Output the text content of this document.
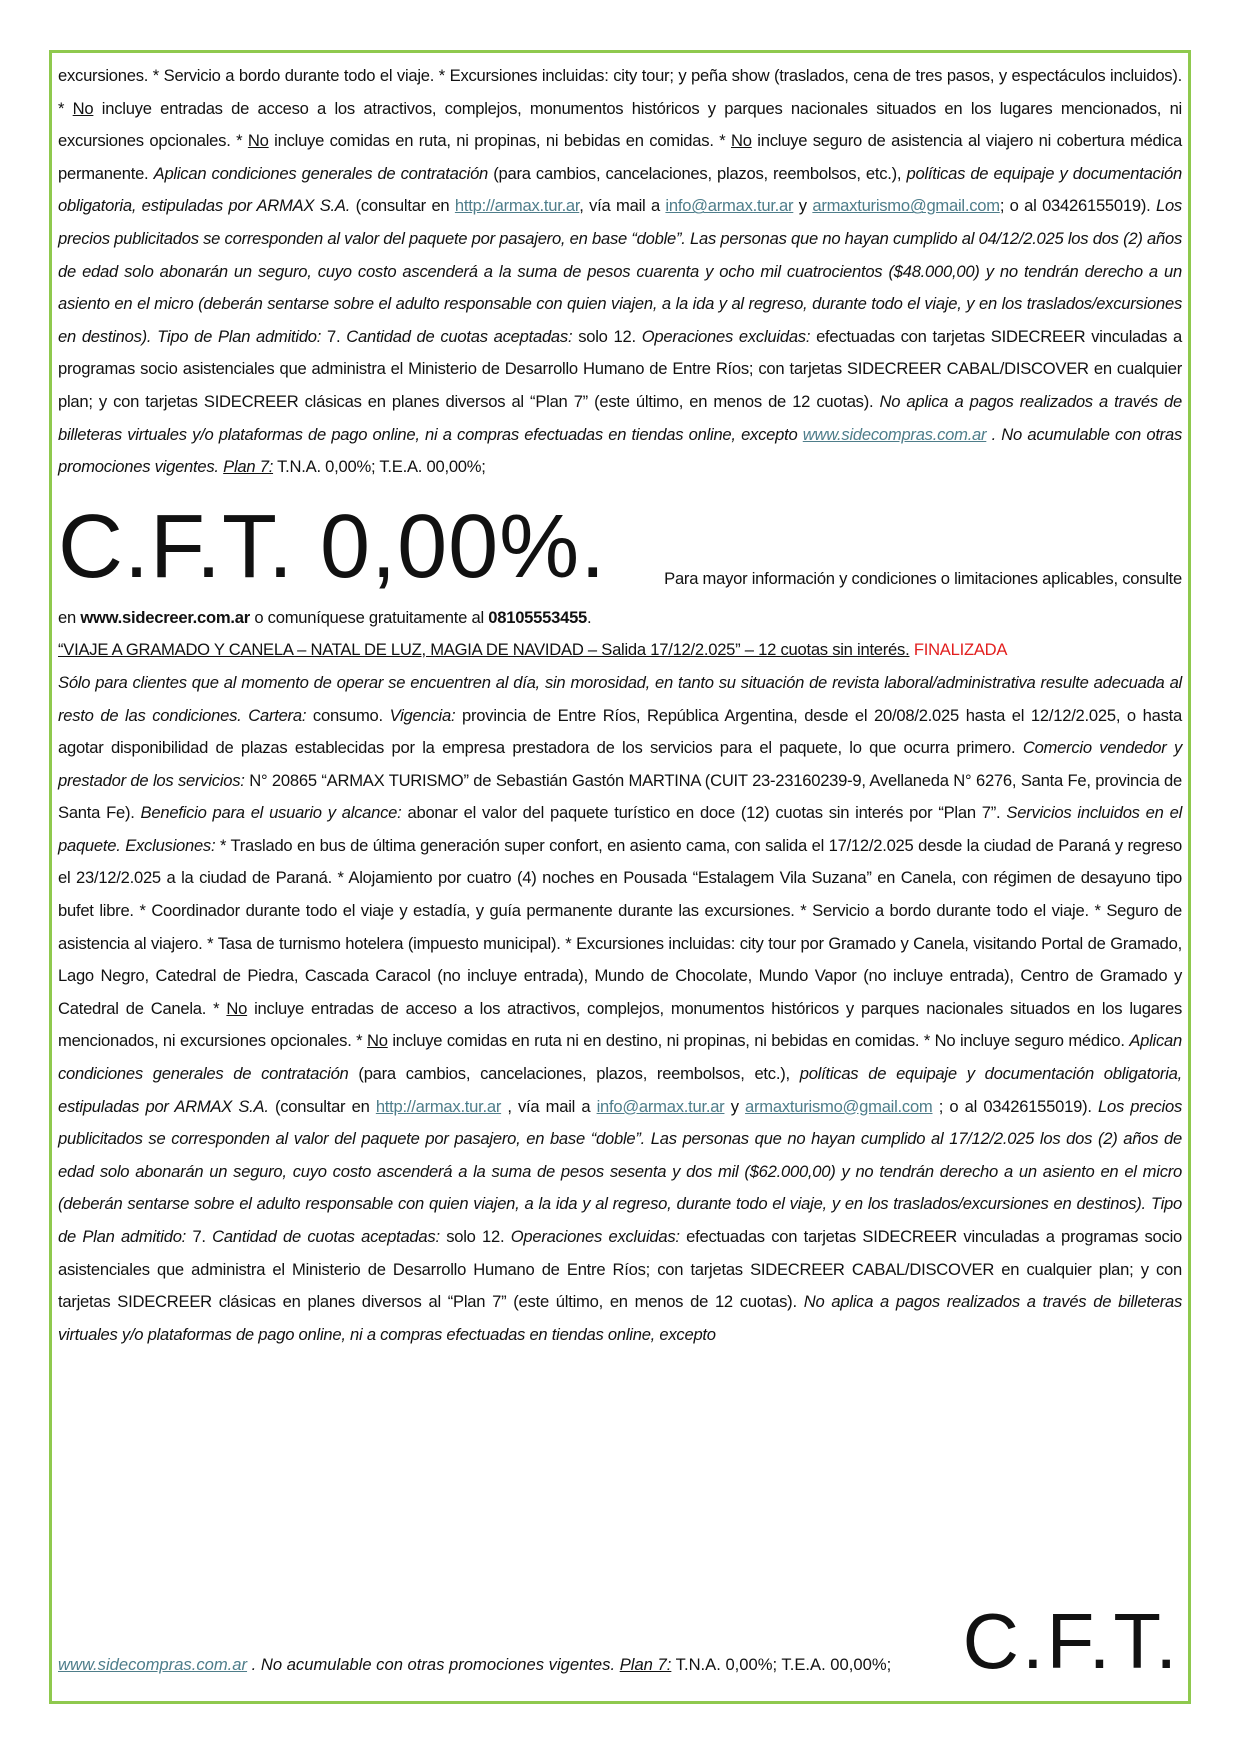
excursiones. * Servicio a bordo durante todo el viaje. * Excursiones incluidas: city tour; y peña show (traslados, cena de tres pasos, y espectáculos incluidos). * No incluye entradas de acceso a los atractivos, complejos, monumentos históricos y parques nacionales situados en los lugares mencionados, ni excursiones opcionales. * No incluye comidas en ruta, ni propinas, ni bebidas en comidas. * No incluye seguro de asistencia al viajero ni cobertura médica permanente. Aplican condiciones generales de contratación (para cambios, cancelaciones, plazos, reembolsos, etc.), políticas de equipaje y documentación obligatoria, estipuladas por ARMAX S.A. (consultar en http://armax.tur.ar, vía mail a info@armax.tur.ar y armaxturismo@gmail.com; o al 03426155019). Los precios publicitados se corresponden al valor del paquete por pasajero, en base “doble”. Las personas que no hayan cumplido al 04/12/2.025 los dos (2) años de edad solo abonarán un seguro, cuyo costo ascenderá a la suma de pesos cuarenta y ocho mil cuatrocientos ($48.000,00) y no tendrán derecho a un asiento en el micro (deberán sentarse sobre el adulto responsable con quien viajen, a la ida y al regreso, durante todo el viaje, y en los traslados/excursiones en destinos). Tipo de Plan admitido: 7. Cantidad de cuotas aceptadas: solo 12. Operaciones excluidas: efectuadas con tarjetas SIDECREER vinculadas a programas socio asistenciales que administra el Ministerio de Desarrollo Humano de Entre Ríos; con tarjetas SIDECREER CABAL/DISCOVER en cualquier plan; y con tarjetas SIDECREER clásicas en planes diversos al “Plan 7” (este último, en menos de 12 cuotas). No aplica a pagos realizados a través de billeteras virtuales y/o plataformas de pago online, ni a compras efectuadas en tiendas online, excepto www.sidecompras.com.ar . No acumulable con otras promociones vigentes. Plan 7: T.N.A. 0,00%; T.E.A. 00,00%;

C.F.T. 0,00%.	Para mayor información y condiciones o limitaciones aplicables, consulte

en www.sidecreer.com.ar o comuníquese gratuitamente al 08105553455.

“VIAJE A GRAMADO Y CANELA – NATAL DE LUZ, MAGIA DE NAVIDAD – Salida 17/12/2.025” – 12 cuotas sin interés. FINALIZADA

Sólo para clientes que al momento de operar se encuentren al día, sin morosidad, en tanto su situación de revista laboral/administrativa resulte adecuada al resto de las condiciones. Cartera: consumo. Vigencia: provincia de Entre Ríos, República Argentina, desde el 20/08/2.025 hasta el 12/12/2.025, o hasta agotar disponibilidad de plazas establecidas por la empresa prestadora de los servicios para el paquete, lo que ocurra primero. Comercio vendedor y prestador de los servicios: N° 20865 “ARMAX TURISMO” de Sebastián Gastón MARTINA (CUIT 23-23160239-9, Avellaneda N° 6276, Santa Fe, provincia de Santa Fe). Beneficio para el usuario y alcance: abonar el valor del paquete turístico en doce (12) cuotas sin interés por “Plan 7”. Servicios incluidos en el paquete. Exclusiones: * Traslado en bus de última generación super confort, en asiento cama, con salida el 17/12/2.025 desde la ciudad de Paraná y regreso el 23/12/2.025 a la ciudad de Paraná. * Alojamiento por cuatro (4) noches en Pousada “Estalagem Vila Suzana” en Canela, con régimen de desayuno tipo bufet libre. * Coordinador durante todo el viaje y estadía, y guía permanente durante las excursiones. * Servicio a bordo durante todo el viaje. * Seguro de asistencia al viajero. * Tasa de turnismo hotelera (impuesto municipal). * Excursiones incluidas: city tour por Gramado y Canela, visitando Portal de Gramado, Lago Negro, Catedral de Piedra, Cascada Caracol (no incluye entrada), Mundo de Chocolate, Mundo Vapor (no incluye entrada), Centro de Gramado y Catedral de Canela. * No incluye entradas de acceso a los atractivos, complejos, monumentos históricos y parques nacionales situados en los lugares mencionados, ni excursiones opcionales. * No incluye comidas en ruta ni en destino, ni propinas, ni bebidas en comidas. * No incluye seguro médico. Aplican condiciones generales de contratación (para cambios, cancelaciones, plazos, reembolsos, etc.), políticas de equipaje y documentación obligatoria, estipuladas por ARMAX S.A. (consultar en http://armax.tur.ar , vía mail a info@armax.tur.ar y armaxturismo@gmail.com ; o al 03426155019). Los precios publicitados se corresponden al valor del paquete por pasajero, en base “doble”. Las personas que no hayan cumplido al 17/12/2.025 los dos (2) años de edad solo abonarán un seguro, cuyo costo ascenderá a la suma de pesos sesenta y dos mil ($62.000,00) y no tendrán derecho a un asiento en el micro (deberán sentarse sobre el adulto responsable con quien viajen, a la ida y al regreso, durante todo el viaje, y en los traslados/excursiones en destinos). Tipo de Plan admitido: 7. Cantidad de cuotas aceptadas: solo 12. Operaciones excluidas: efectuadas con tarjetas SIDECREER vinculadas a programas socio asistenciales que administra el Ministerio de Desarrollo Humano de Entre Ríos; con tarjetas SIDECREER CABAL/DISCOVER en cualquier plan; y con tarjetas SIDECREER clásicas en planes diversos al “Plan 7” (este último, en menos de 12 cuotas). No aplica a pagos realizados a través de billeteras virtuales y/o plataformas de pago online, ni a compras efectuadas en tiendas online, excepto

www.sidecompras.com.ar . No acumulable con otras promociones vigentes. Plan 7: T.N.A. 0,00%; T.E.A. 00,00%; C.F.T.
